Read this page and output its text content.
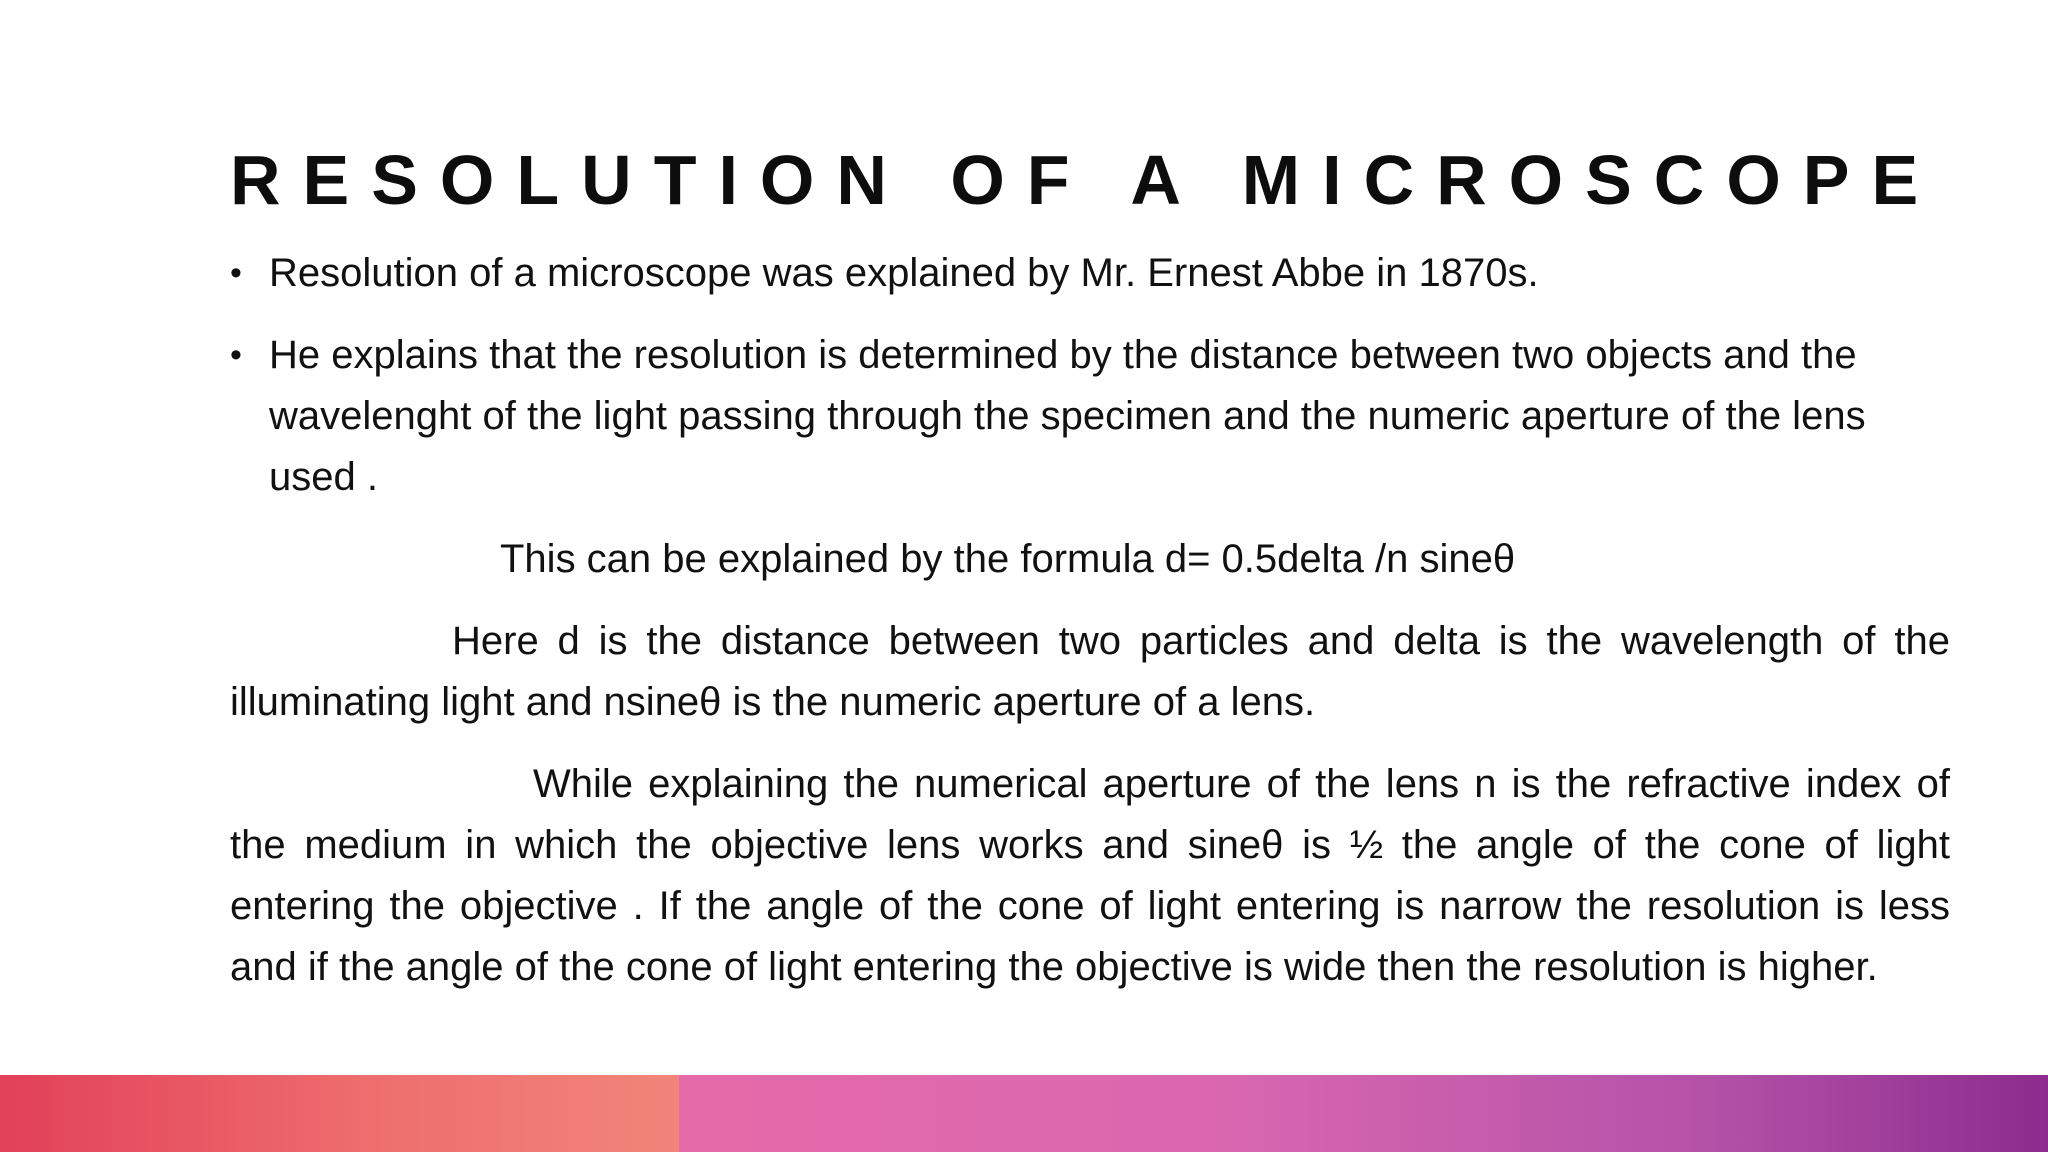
RESOLUTION OF A MICROSCOPE
• Resolution of a microscope was explained by Mr. Ernest Abbe in 1870s.
• He explains that the resolution is determined by the distance between two objects and the wavelenght of the light passing through the specimen and the numeric aperture of the lens used .
This can be explained by the formula d= 0.5delta /n sineθ
Here d is the distance between two particles and delta is the wavelength of the illuminating light and nsineθ is the numeric aperture of a lens.
While explaining the numerical aperture of the lens n is the refractive index of the medium in which the objective lens works and sineθ is ½ the angle of the cone of light entering the objective . If the angle of the cone of light entering is narrow the resolution is less and if the angle of the cone of light entering the objective is wide then the resolution is higher.
